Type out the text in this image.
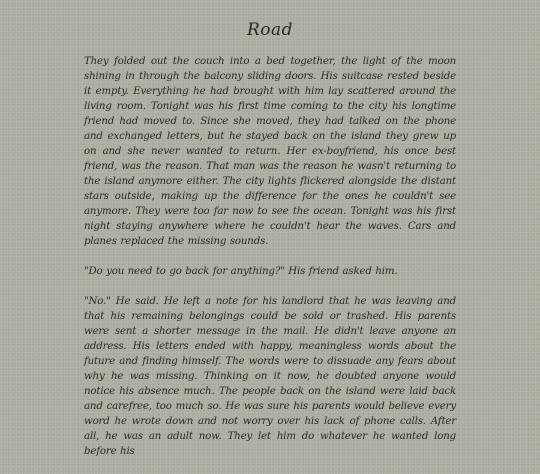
Road

They folded out the couch into a bed together, the light of the moon shining in through the balcony sliding doors. His suitcase rested beside it empty. Everything he had brought with him lay scattered around the living room. Tonight was his first time coming to the city his longtime friend had moved to. Since she moved, they had talked on the phone and exchanged letters, but he stayed back on the island they grew up on and she never wanted to return. Her ex-boyfriend, his once best friend, was the reason. That man was the reason he wasn't returning to the island anymore either. The city lights flickered alongside the distant stars outside, making up the difference for the ones he couldn't see anymore. They were too far now to see the ocean. Tonight was his first night staying anywhere where he couldn't hear the waves. Cars and planes replaced the missing sounds.

"Do you need to go back for anything?" His friend asked him.

"No." He said. He left a note for his landlord that he was leaving and that his remaining belongings could be sold or trashed. His parents were sent a shorter message in the mail. He didn't leave anyone an address. His letters ended with happy, meaningless words about the future and finding himself. The words were to dissuade any fears about why he was missing. Thinking on it now, he doubted anyone would notice his absence much. The people back on the island were laid back and carefree, too much so. He was sure his parents would believe every word he wrote down and not worry over his lack of phone calls. After all, he was an adult now. They let him do whatever he wanted long before his
